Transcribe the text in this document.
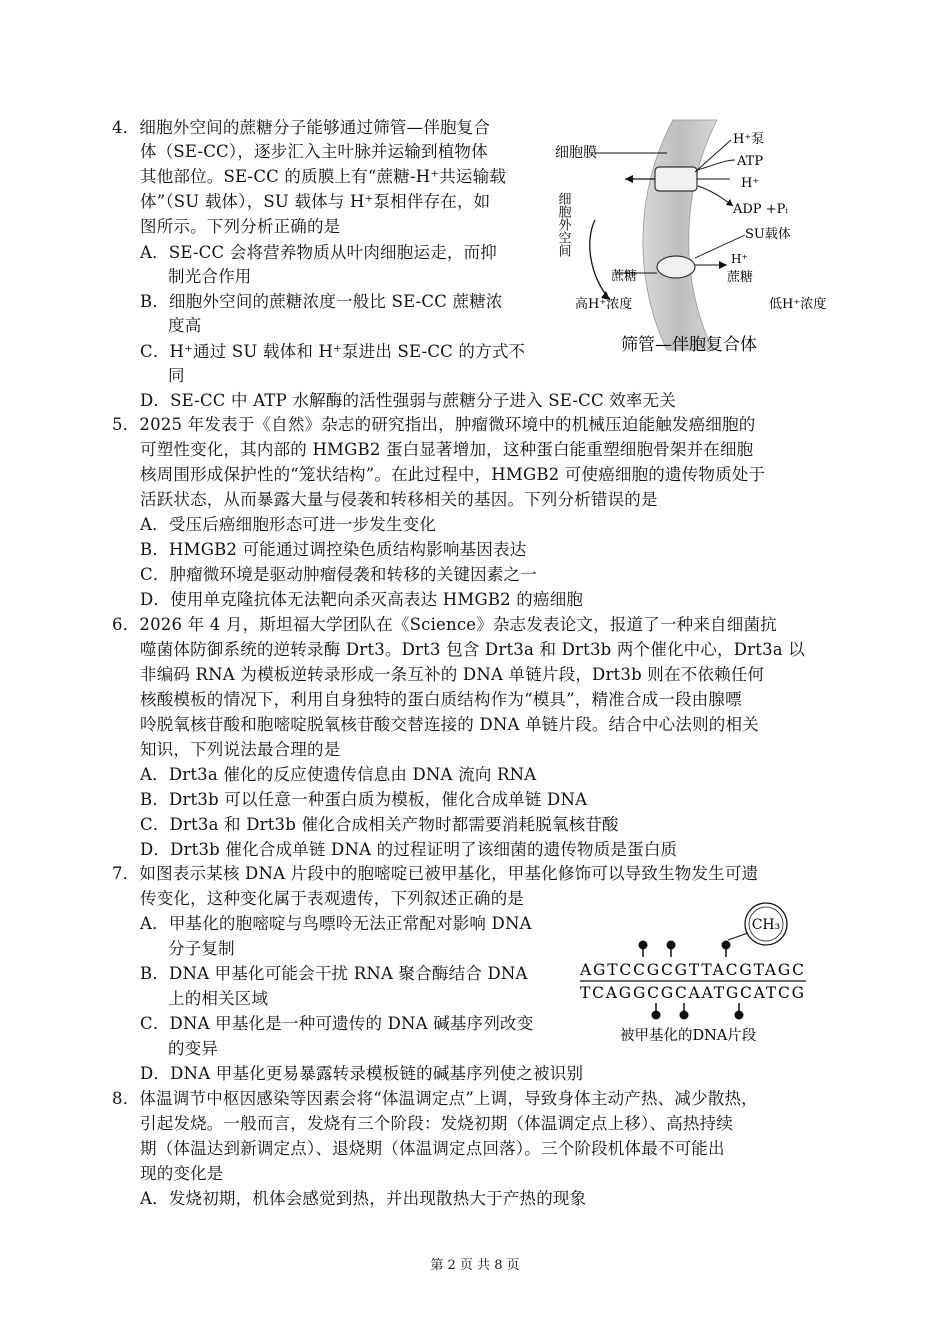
4．细胞外空间的蔗糖分子能够通过筛管—伴胞复合
体（SE-CC），逐步汇入主叶脉并运输到植物体
其他部位。SE-CC 的质膜上有“蔗糖-H⁺共运输载
体”（SU 载体），SU 载体与 H⁺泵相伴存在，如
图所示。下列分析正确的是
A．SE-CC 会将营养物质从叶肉细胞运走，而抑
制光合作用
B．细胞外空间的蔗糖浓度一般比 SE-CC 蔗糖浓
度高
C．H⁺通过 SU 载体和 H⁺泵进出 SE-CC 的方式不
同
D．SE-CC 中 ATP 水解酶的活性强弱与蔗糖分子进入 SE-CC 效率无关
细胞膜
H⁺泵
ATP
H⁺
ADP +Pᵢ
SU载体
H⁺
蔗糖	蔗糖
高H⁺浓度	低H⁺浓度
细胞外空间
筛管—伴胞复合体
5．2025 年发表于《自然》杂志的研究指出，肿瘤微环境中的机械压迫能触发癌细胞的
可塑性变化，其内部的 HMGB2 蛋白显著增加，这种蛋白能重塑细胞骨架并在细胞
核周围形成保护性的“笼状结构”。在此过程中，HMGB2 可使癌细胞的遗传物质处于
活跃状态，从而暴露大量与侵袭和转移相关的基因。下列分析错误的是
A．受压后癌细胞形态可进一步发生变化
B．HMGB2 可能通过调控染色质结构影响基因表达
C．肿瘤微环境是驱动肿瘤侵袭和转移的关键因素之一
D．使用单克隆抗体无法靶向杀灭高表达 HMGB2 的癌细胞
6．2026 年 4 月，斯坦福大学团队在《Science》杂志发表论文，报道了一种来自细菌抗
噬菌体防御系统的逆转录酶 Drt3。Drt3 包含 Drt3a 和 Drt3b 两个催化中心，Drt3a 以
非编码 RNA 为模板逆转录形成一条互补的 DNA 单链片段，Drt3b 则在不依赖任何
核酸模板的情况下，利用自身独特的蛋白质结构作为“模具”，精准合成一段由腺嘌
呤脱氧核苷酸和胞嘧啶脱氧核苷酸交替连接的 DNA 单链片段。结合中心法则的相关
知识，下列说法最合理的是
A．Drt3a 催化的反应使遗传信息由 DNA 流向 RNA
B．Drt3b 可以任意一种蛋白质为模板，催化合成单链 DNA
C．Drt3a 和 Drt3b 催化合成相关产物时都需要消耗脱氧核苷酸
D．Drt3b 催化合成单链 DNA 的过程证明了该细菌的遗传物质是蛋白质
7．如图表示某核 DNA 片段中的胞嘧啶已被甲基化，甲基化修饰可以导致生物发生可遗
传变化，这种变化属于表观遗传，下列叙述正确的是
A．甲基化的胞嘧啶与鸟嘌呤无法正常配对影响 DNA
分子复制
B．DNA 甲基化可能会干扰 RNA 聚合酶结合 DNA
上的相关区域
C．DNA 甲基化是一种可遗传的 DNA 碱基序列改变
的变异
D．DNA 甲基化更易暴露转录模板链的碱基序列使之被识别
CH₃
AGTCCGCGTTACGTAGC
TCAGGCGCAATGCATCG
被甲基化的DNA片段
8．体温调节中枢因感染等因素会将“体温调定点”上调，导致身体主动产热、减少散热，
引起发烧。一般而言，发烧有三个阶段：发烧初期（体温调定点上移）、高热持续
期（体温达到新调定点）、退烧期（体温调定点回落）。三个阶段机体最不可能出
现的变化是
A．发烧初期，机体会感觉到热，并出现散热大于产热的现象
第 2 页 共 8 页
